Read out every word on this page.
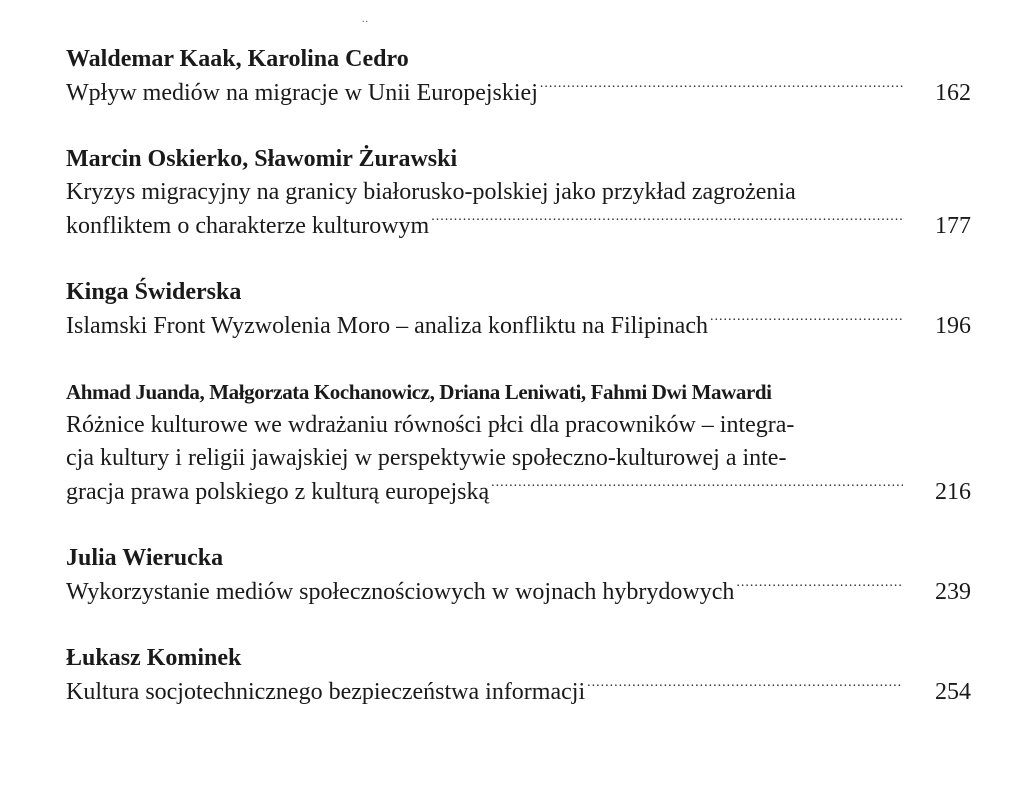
..
Waldemar Kaak, Karolina Cedro
Wpływ mediów na migracje w Unii Europejskiej .....	162
Marcin Oskierko, Sławomir Żurawski
Kryzys migracyjny na granicy białorusko-polskiej jako przykład zagrożenia
konfliktem o charakterze kulturowym .....	177
Kinga Świderska
Islamski Front Wyzwolenia Moro – analiza konfliktu na Filipinach .....	196
Ahmad Juanda, Małgorzata Kochanowicz, Driana Leniwati, Fahmi Dwi Mawardi
Różnice kulturowe we wdrażaniu równości płci dla pracowników – integra-
cja kultury i religii jawajskiej w perspektywie społeczno-kulturowej a inte-
gracja prawa polskiego z kulturą europejską .....	216
Julia Wierucka
Wykorzystanie mediów społecznościowych w wojnach hybrydowych .....	239
Łukasz Kominek
Kultura socjotechnicznego bezpieczeństwa informacji .....	254
